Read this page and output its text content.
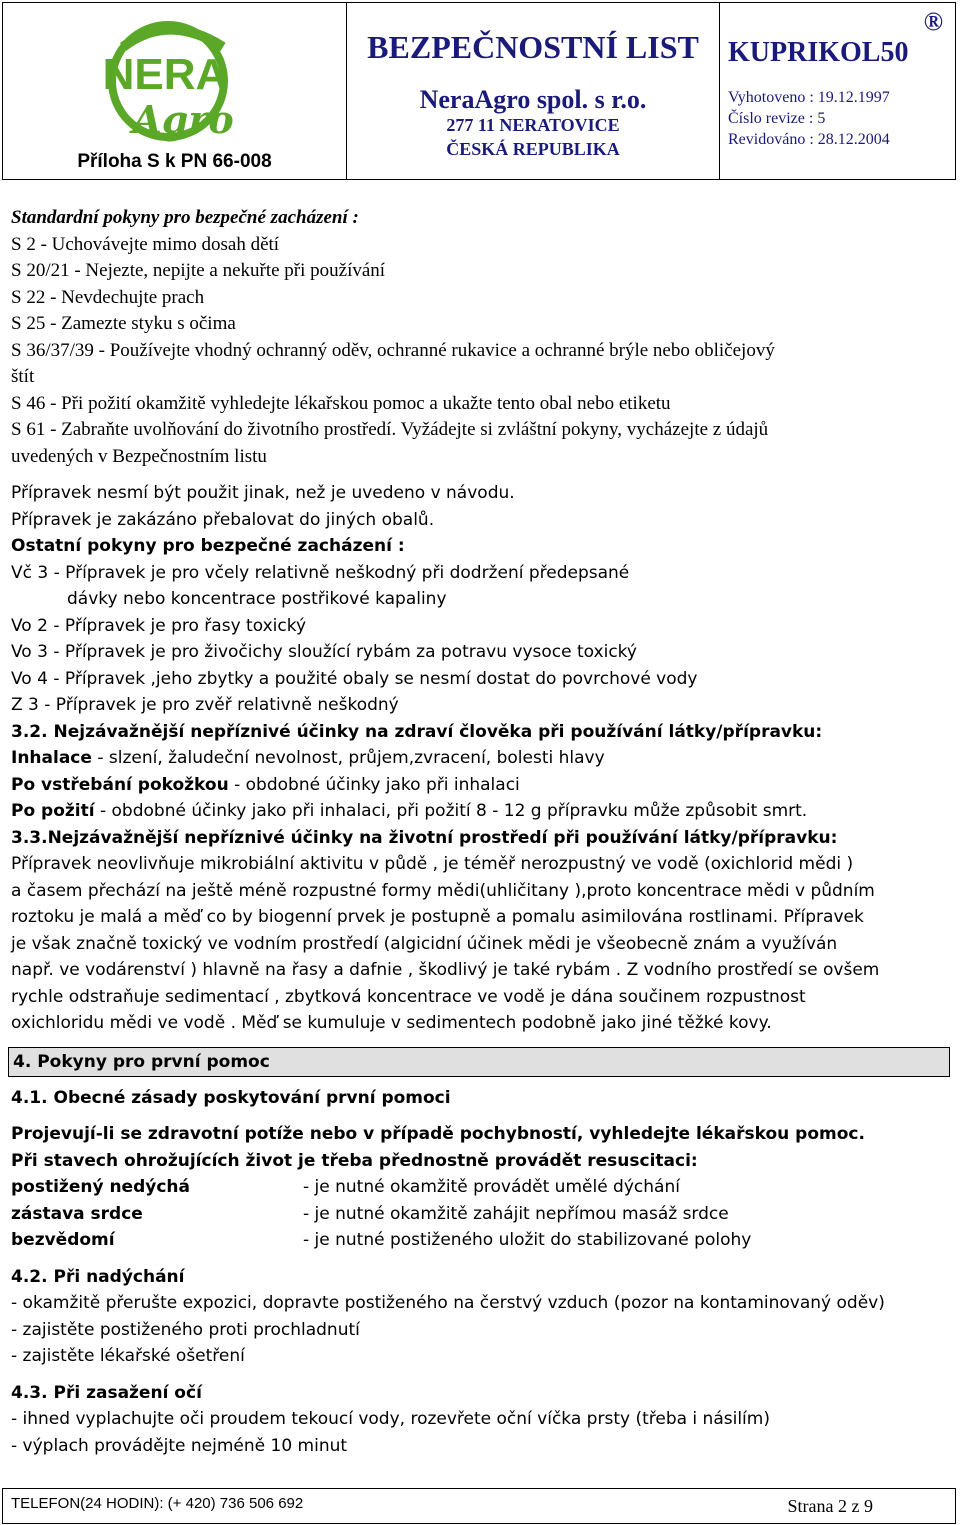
NERA
Agro
Příloha S k PN 66-008
BEZPEČNOSTNÍ LIST
NeraAgro spol. s r.o.
277 11 NERATOVICE
ČESKÁ REPUBLIKA
®
KUPRIKOL50
Vyhotoveno : 19.12.1997
Číslo revize : 5
Revidováno : 28.12.2004
Standardní pokyny pro bezpečné zacházení :
S 2 - Uchovávejte mimo dosah dětí
S 20/21 - Nejezte, nepijte a nekuřte při používání
S 22 - Nevdechujte prach
S 25 - Zamezte styku s očima
S 36/37/39 - Používejte vhodný ochranný oděv, ochranné rukavice a ochranné brýle nebo obličejový
štít
S 46 - Při požití okamžitě vyhledejte lékařskou pomoc a ukažte tento obal nebo etiketu
S 61 - Zabraňte uvolňování do životního prostředí. Vyžádejte si zvláštní pokyny, vycházejte z údajů
uvedených v Bezpečnostním listu
Přípravek nesmí být použit jinak, než je uvedeno v návodu.
Přípravek je zakázáno přebalovat do jiných obalů.
Ostatní pokyny pro bezpečné zacházení :
Vč 3 - Přípravek je pro včely relativně neškodný při dodržení předepsané
dávky nebo koncentrace postřikové kapaliny
Vo 2 - Přípravek je pro řasy toxický
Vo 3 - Přípravek je pro živočichy sloužící rybám za potravu vysoce toxický
Vo 4 - Přípravek ,jeho zbytky a použité obaly se nesmí dostat do povrchové vody
Z 3 - Přípravek je pro zvěř relativně neškodný
3.2. Nejzávažnější nepříznivé účinky na zdraví člověka při používání látky/přípravku:
Inhalace - slzení, žaludeční nevolnost, průjem,zvracení, bolesti hlavy
Po vstřebání pokožkou - obdobné účinky jako při inhalaci
Po požití - obdobné účinky jako při inhalaci, při požití 8 - 12 g přípravku může způsobit smrt.
3.3.Nejzávažnější nepříznivé účinky na životní prostředí při používání látky/přípravku:
Přípravek neovlivňuje mikrobiální aktivitu v půdě , je téměř nerozpustný ve vodě (oxichlorid mědi )
a časem přechází na ještě méně rozpustné formy mědi(uhličitany ),proto koncentrace mědi v půdním
roztoku je malá a měď co by biogenní prvek je postupně a pomalu asimilována rostlinami. Přípravek
je však značně toxický ve vodním prostředí (algicidní účinek mědi je všeobecně znám a využíván
např. ve vodárenství ) hlavně na řasy a dafnie , škodlivý je také rybám . Z vodního prostředí se ovšem
rychle odstraňuje sedimentací , zbytková koncentrace ve vodě je dána součinem rozpustnost
oxichloridu mědi ve vodě . Měď se kumuluje v sedimentech podobně jako jiné těžké kovy.
4. Pokyny pro první pomoc
4.1. Obecné zásady poskytování první pomoci
Projevují-li se zdravotní potíže nebo v případě pochybností, vyhledejte lékařskou pomoc.
Při stavech ohrožujících život je třeba přednostně provádět resuscitaci:
postižený nedýchá	- je nutné okamžitě provádět umělé dýchání
zástava srdce	- je nutné okamžitě zahájit nepřímou masáž srdce
bezvědomí	- je nutné postiženého uložit do stabilizované polohy
4.2. Při nadýchání
- okamžitě přerušte expozici, dopravte postiženého na čerstvý vzduch (pozor na kontaminovaný oděv)
- zajistěte postiženého proti prochladnutí
- zajistěte lékařské ošetření
4.3. Při zasažení očí
- ihned vyplachujte oči proudem tekoucí vody, rozevřete oční víčka prsty (třeba i násilím)
- výplach provádějte nejméně 10 minut
TELEFON(24 HODIN): (+ 420) 736 506 692	Strana 2 z 9
